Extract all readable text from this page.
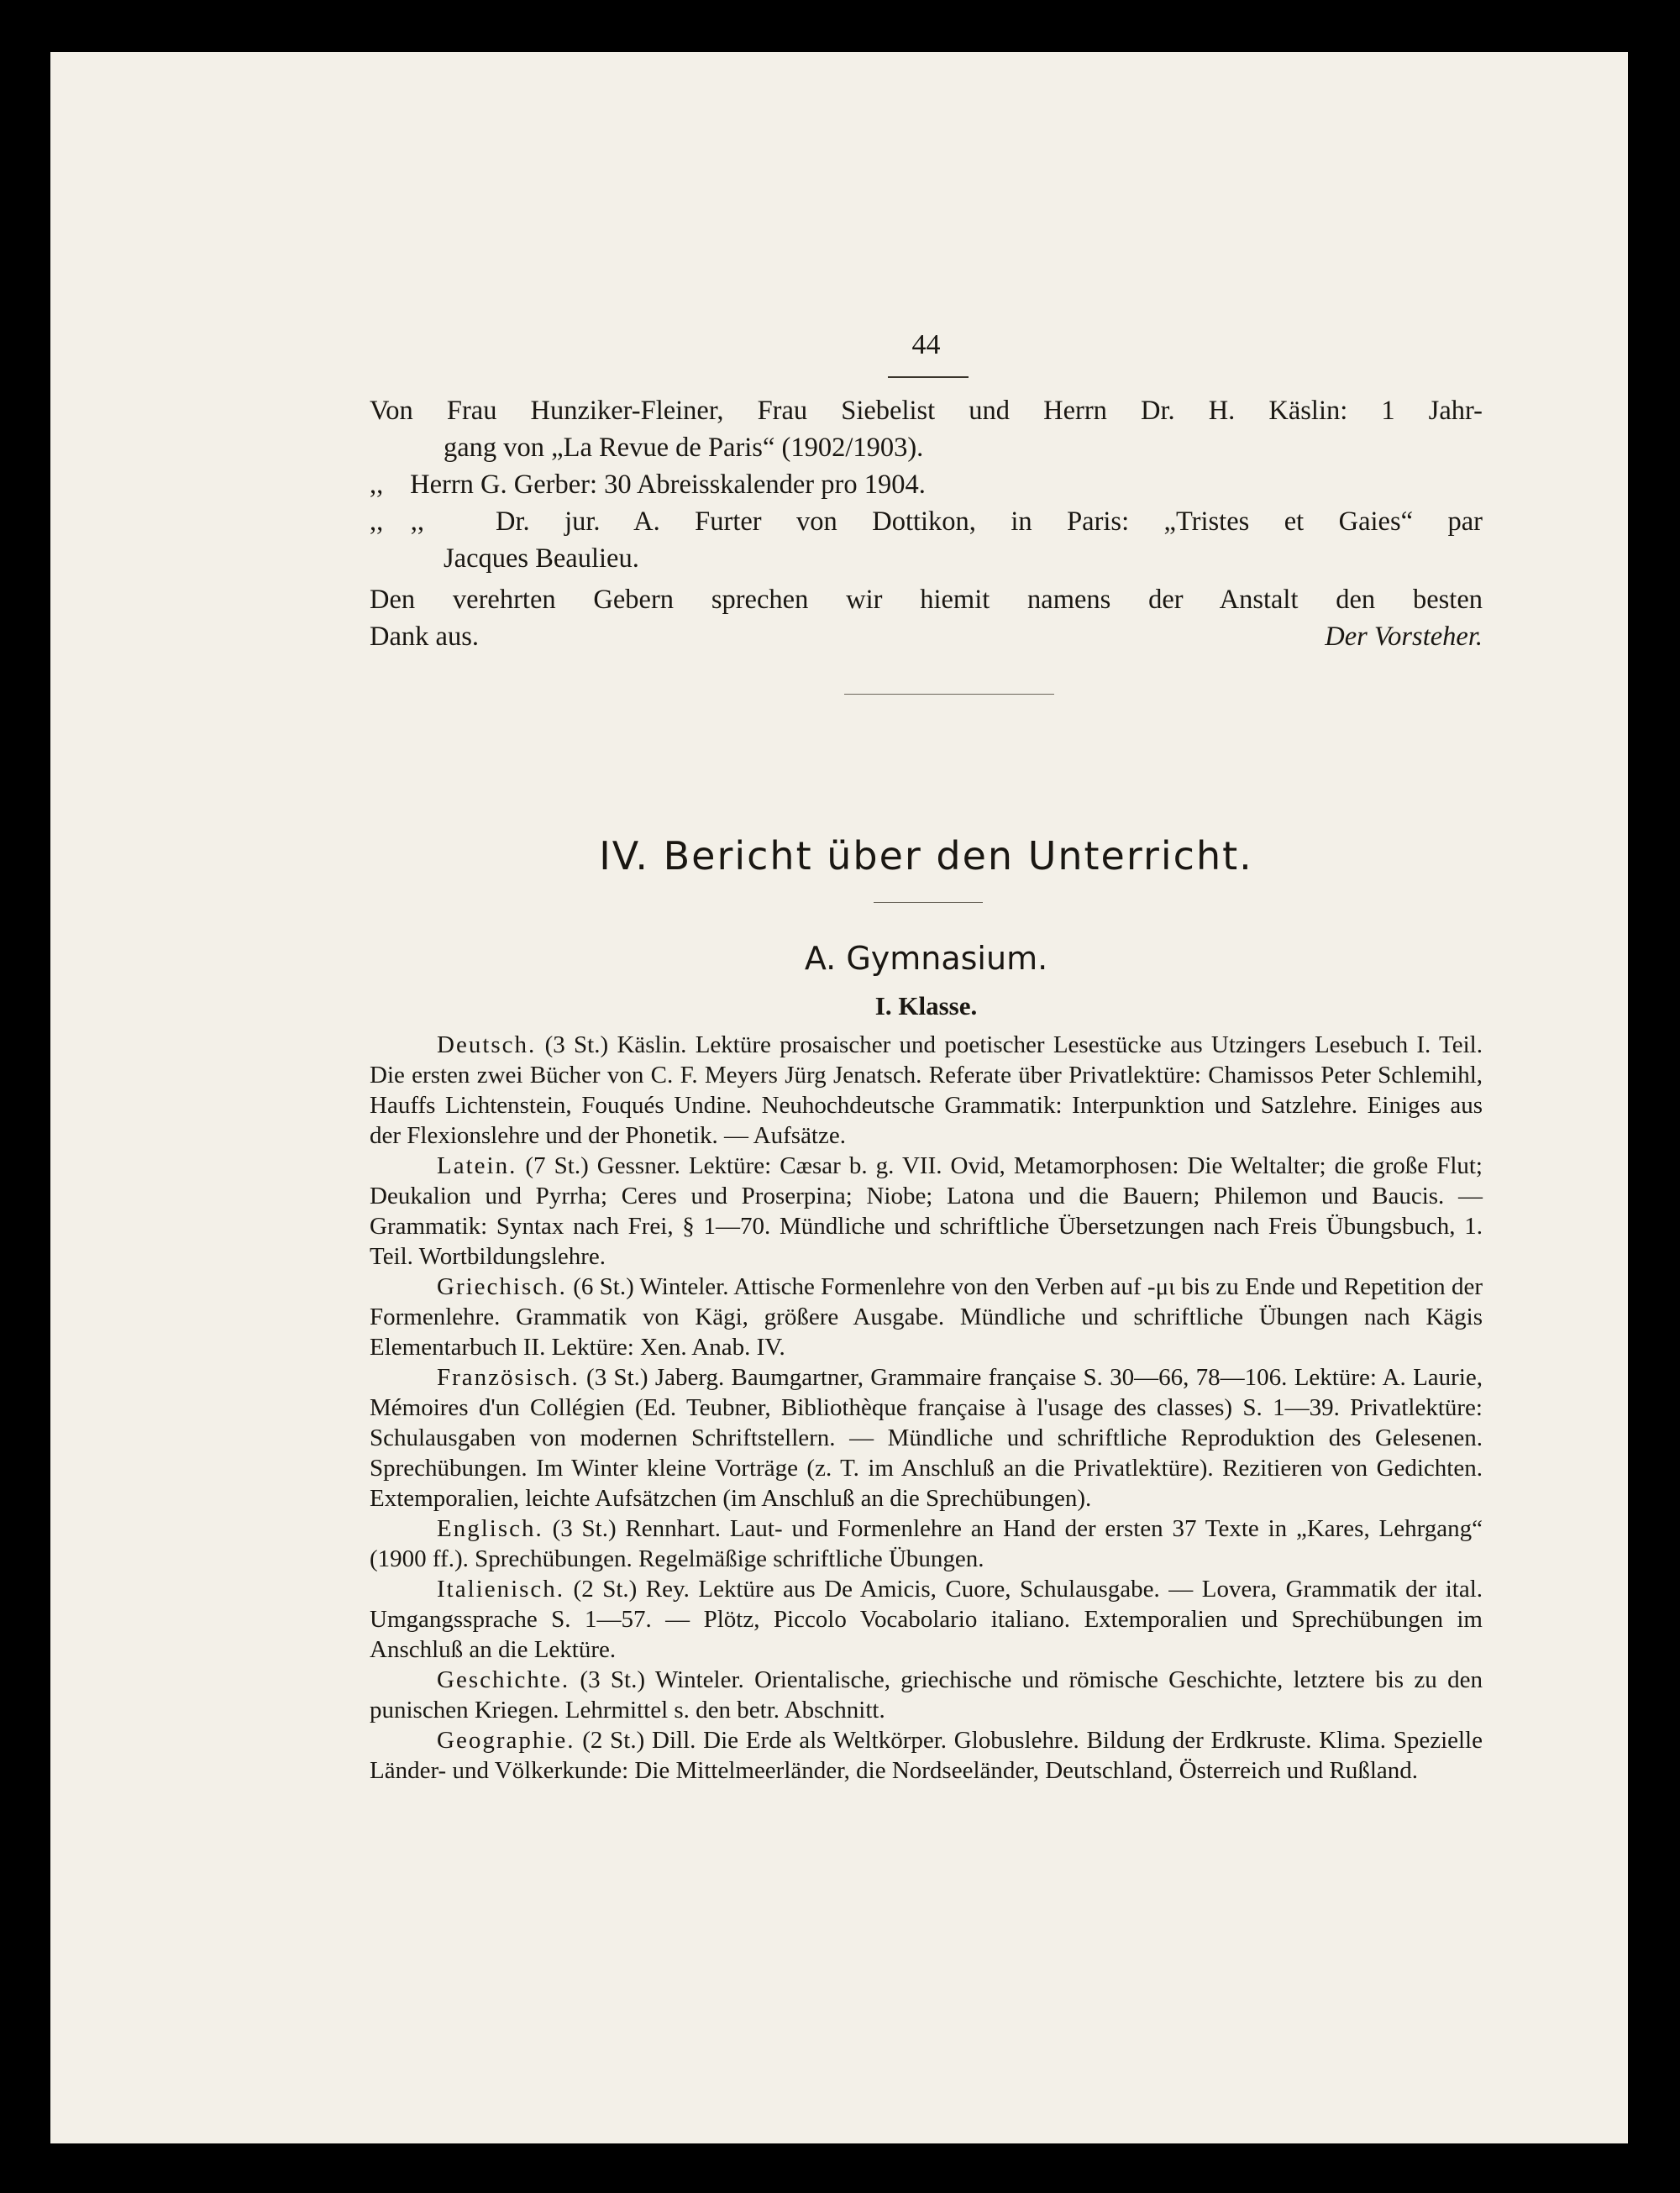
44

Von Frau Hunziker-Fleiner, Frau Siebelist und Herrn Dr. H. Käslin: 1 Jahr-

gang von „La Revue de Paris“ (1902/1903).

,, Herrn G. Gerber: 30 Abreisskalender pro 1904.

,,    ,,	Dr. jur. A. Furter von Dottikon, in Paris: „Tristes et Gaies“ par

Jacques Beaulieu.

Den verehrten Gebern sprechen wir hiemit namens der Anstalt den besten

Dank aus.	Der Vorsteher.

IV. Bericht über den Unterricht.
A. Gymnasium.
I. Klasse.

Deutsch. (3 St.) Käslin. Lektüre prosaischer und poetischer Lesestücke aus Utzingers Lesebuch I. Teil. Die ersten zwei Bücher von C. F. Meyers Jürg Jenatsch. Referate über Privatlektüre: Chamissos Peter Schlemihl, Hauffs Lichtenstein, Fouqués Undine. Neuhochdeutsche Grammatik: Interpunktion und Satzlehre. Einiges aus der Flexionslehre und der Phonetik. — Aufsätze.

Latein. (7 St.) Gessner. Lektüre: Cæsar b. g. VII. Ovid, Metamorphosen: Die Weltalter; die große Flut; Deukalion und Pyrrha; Ceres und Proserpina; Niobe; Latona und die Bauern; Philemon und Baucis. — Grammatik: Syntax nach Frei, § 1—70. Mündliche und schriftliche Übersetzungen nach Freis Übungsbuch, 1. Teil. Wortbildungslehre.

Griechisch. (6 St.) Winteler. Attische Formenlehre von den Verben auf -μι bis zu Ende und Repetition der Formenlehre. Grammatik von Kägi, größere Ausgabe. Mündliche und schriftliche Übungen nach Kägis Elementarbuch II. Lektüre: Xen. Anab. IV.

Französisch. (3 St.) Jaberg. Baumgartner, Grammaire française S. 30—66, 78—106. Lektüre: A. Laurie, Mémoires d'un Collégien (Ed. Teubner, Bibliothèque française à l'usage des classes) S. 1—39. Privatlektüre: Schulausgaben von modernen Schriftstellern. — Mündliche und schriftliche Reproduktion des Gelesenen. Sprechübungen. Im Winter kleine Vorträge (z. T. im Anschluß an die Privatlektüre). Rezitieren von Gedichten. Extemporalien, leichte Aufsätzchen (im Anschluß an die Sprechübungen).

Englisch. (3 St.) Rennhart. Laut- und Formenlehre an Hand der ersten 37 Texte in „Kares, Lehrgang“ (1900 ff.). Sprechübungen. Regelmäßige schriftliche Übungen.

Italienisch. (2 St.) Rey. Lektüre aus De Amicis, Cuore, Schulausgabe. — Lovera, Grammatik der ital. Umgangssprache S. 1—57. — Plötz, Piccolo Vocabolario italiano. Extemporalien und Sprechübungen im Anschluß an die Lektüre.

Geschichte. (3 St.) Winteler. Orientalische, griechische und römische Geschichte, letztere bis zu den punischen Kriegen. Lehrmittel s. den betr. Abschnitt.

Geographie. (2 St.) Dill. Die Erde als Weltkörper. Globuslehre. Bildung der Erdkruste. Klima. Spezielle Länder- und Völkerkunde: Die Mittelmeerländer, die Nordseeländer, Deutschland, Österreich und Rußland.
